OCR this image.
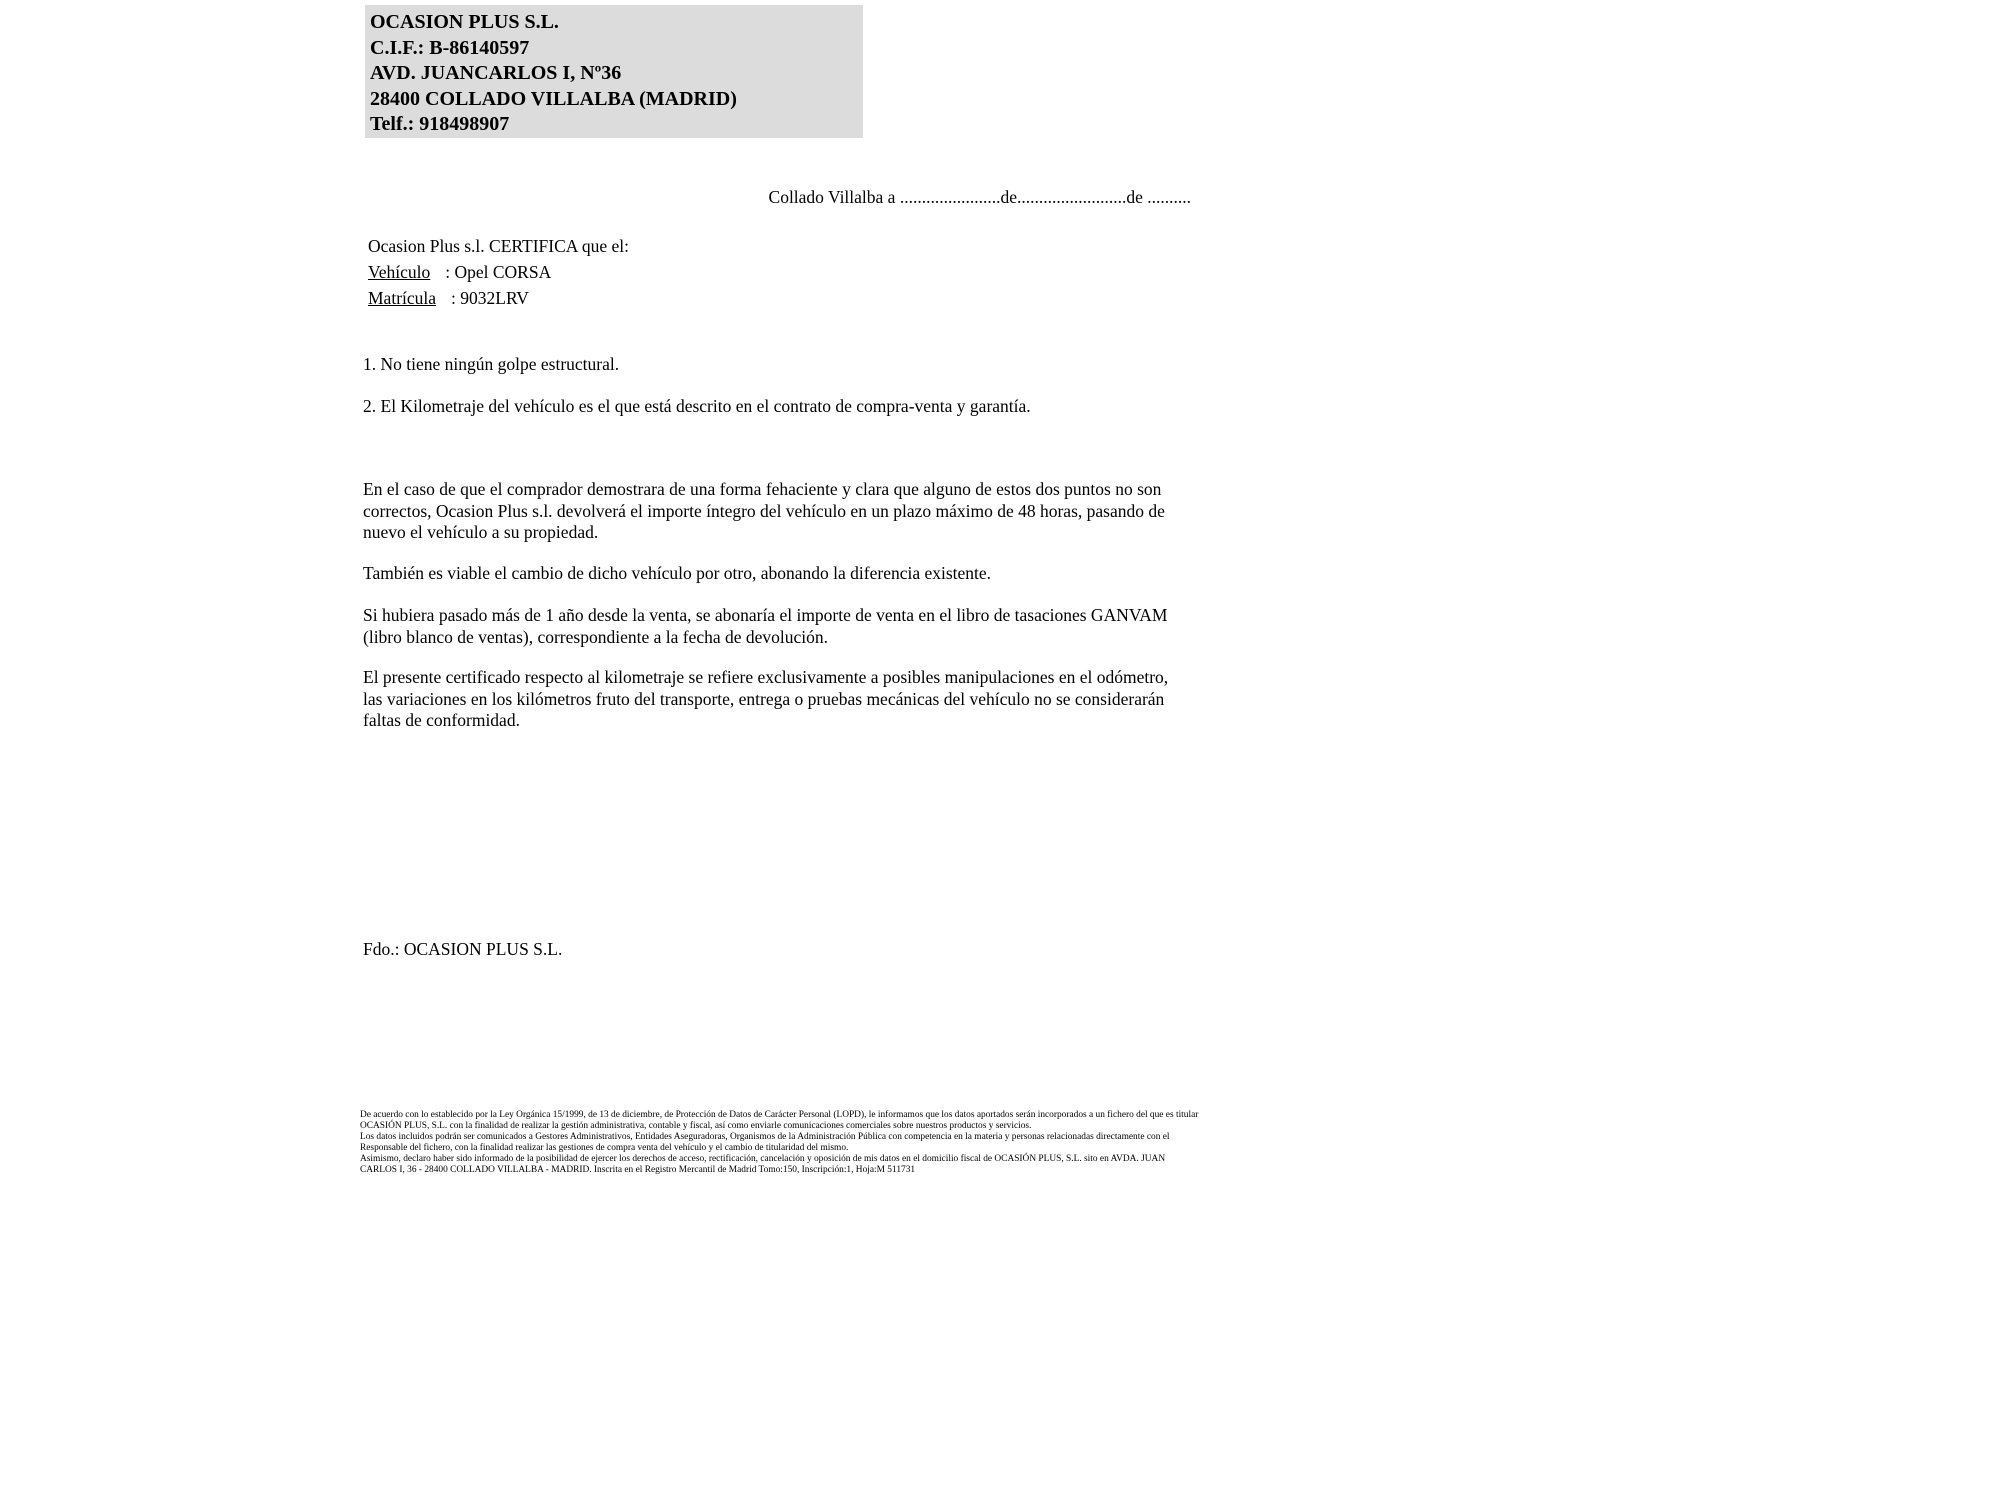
OCASION PLUS S.L.
C.I.F.: B-86140597
AVD. JUANCARLOS I, Nº36
28400 COLLADO VILLALBA (MADRID)
Telf.: 918498907
Collado Villalba a .......................de.........................de ..........
Ocasion Plus s.l. CERTIFICA que el:
Vehículo : Opel CORSA
Matrícula : 9032LRV
1. No tiene ningún golpe estructural.
2. El Kilometraje del vehículo es el que está descrito en el contrato de compra-venta y garantía.
En el caso de que el comprador demostrara de una forma fehaciente y clara que alguno de estos dos puntos no son correctos, Ocasion Plus s.l. devolverá el importe íntegro del vehículo en un plazo máximo de 48 horas, pasando de nuevo el vehículo a su propiedad.
También es viable el cambio de dicho vehículo por otro, abonando la diferencia existente.
Si hubiera pasado más de 1 año desde la venta, se abonaría el importe de venta en el libro de tasaciones GANVAM (libro blanco de ventas), correspondiente a la fecha de devolución.
El presente certificado respecto al kilometraje se refiere exclusivamente a posibles manipulaciones en el odómetro, las variaciones en los kilómetros fruto del transporte, entrega o pruebas mecánicas del vehículo no se considerarán faltas de conformidad.
Fdo.: OCASION PLUS S.L.
De acuerdo con lo establecido por la Ley Orgánica 15/1999, de 13 de diciembre, de Protección de Datos de Carácter Personal (LOPD), le informamos que los datos aportados serán incorporados a un fichero del que es titular
OCASIÓN PLUS, S.L. con la finalidad de realizar la gestión administrativa, contable y fiscal, así como enviarle comunicaciones comerciales sobre nuestros productos y servicios.
Los datos incluidos podrán ser comunicados a Gestores Administrativos, Entidades Aseguradoras, Organismos de la Administración Pública con competencia en la materia y personas relacionadas directamente con el
Responsable del fichero, con la finalidad realizar las gestiones de compra venta del vehículo y el cambio de titularidad del mismo.
Asimismo, declaro haber sido informado de la posibilidad de ejercer los derechos de acceso, rectificación, cancelación y oposición de mis datos en el domicilio fiscal de OCASIÓN PLUS, S.L. sito en AVDA. JUAN
CARLOS I, 36 - 28400 COLLADO VILLALBA - MADRID. Inscrita en el Registro Mercantil de Madrid Tomo:150, Inscripción:1, Hoja:M 511731
